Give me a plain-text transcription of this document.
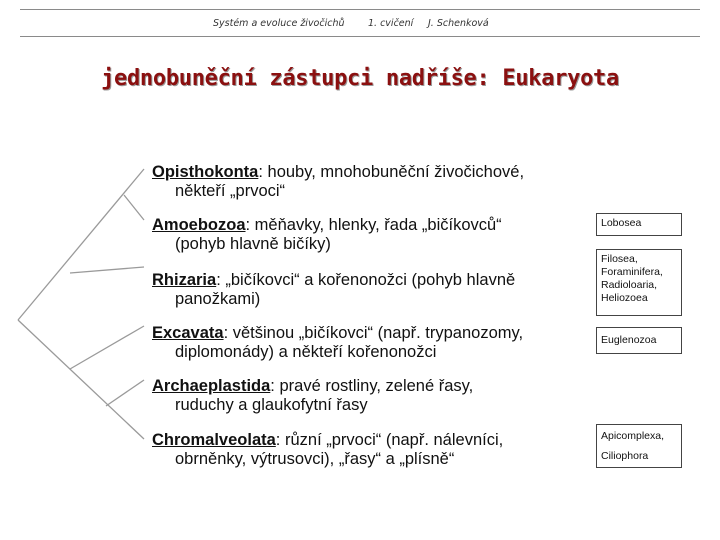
Systém a evoluce živočichů 1. cvičení J. Schenková
jednobuněční zástupci nadříše: Eukaryota
Opisthokonta: houby, mnohobuněční živočichové,
někteří „prvoci“
Amoebozoa: měňavky, hlenky, řada „bičíkovců“
(pohyb hlavně bičíky)
Rhizaria: „bičíkovci“ a kořenonožci (pohyb hlavně
panožkami)
Excavata: většinou „bičíkovci“ (např. trypanozomy,
diplomonády) a někteří kořenonožci
Archaeplastida: pravé rostliny, zelené řasy,
ruduchy a glaukofytní řasy
Chromalveolata: různí „prvoci“ (např. nálevníci,
obrněnky, výtrusovci), „řasy“ a „plísně“
Lobosea
Filosea,
Foraminifera,
Radioloaria,
Heliozoea
Euglenozoa
Apicomplexa,
Ciliophora
